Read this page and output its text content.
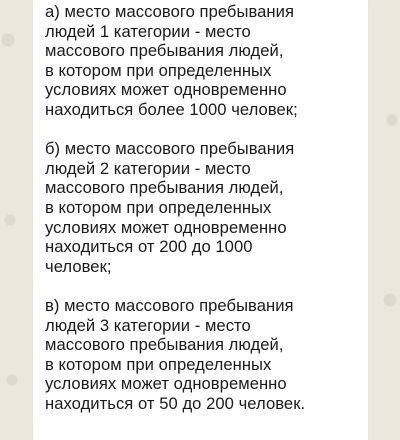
а) место массового пребывания
людей 1 категории - место
массового пребывания людей,
в котором при определенных
условиях может одновременно
находиться более 1000 человек;

б) место массового пребывания
людей 2 категории - место
массового пребывания людей,
в котором при определенных
условиях может одновременно
находиться от 200 до 1000
человек;

в) место массового пребывания
людей 3 категории - место
массового пребывания людей,
в котором при определенных
условиях может одновременно
находиться от 50 до 200 человек.
